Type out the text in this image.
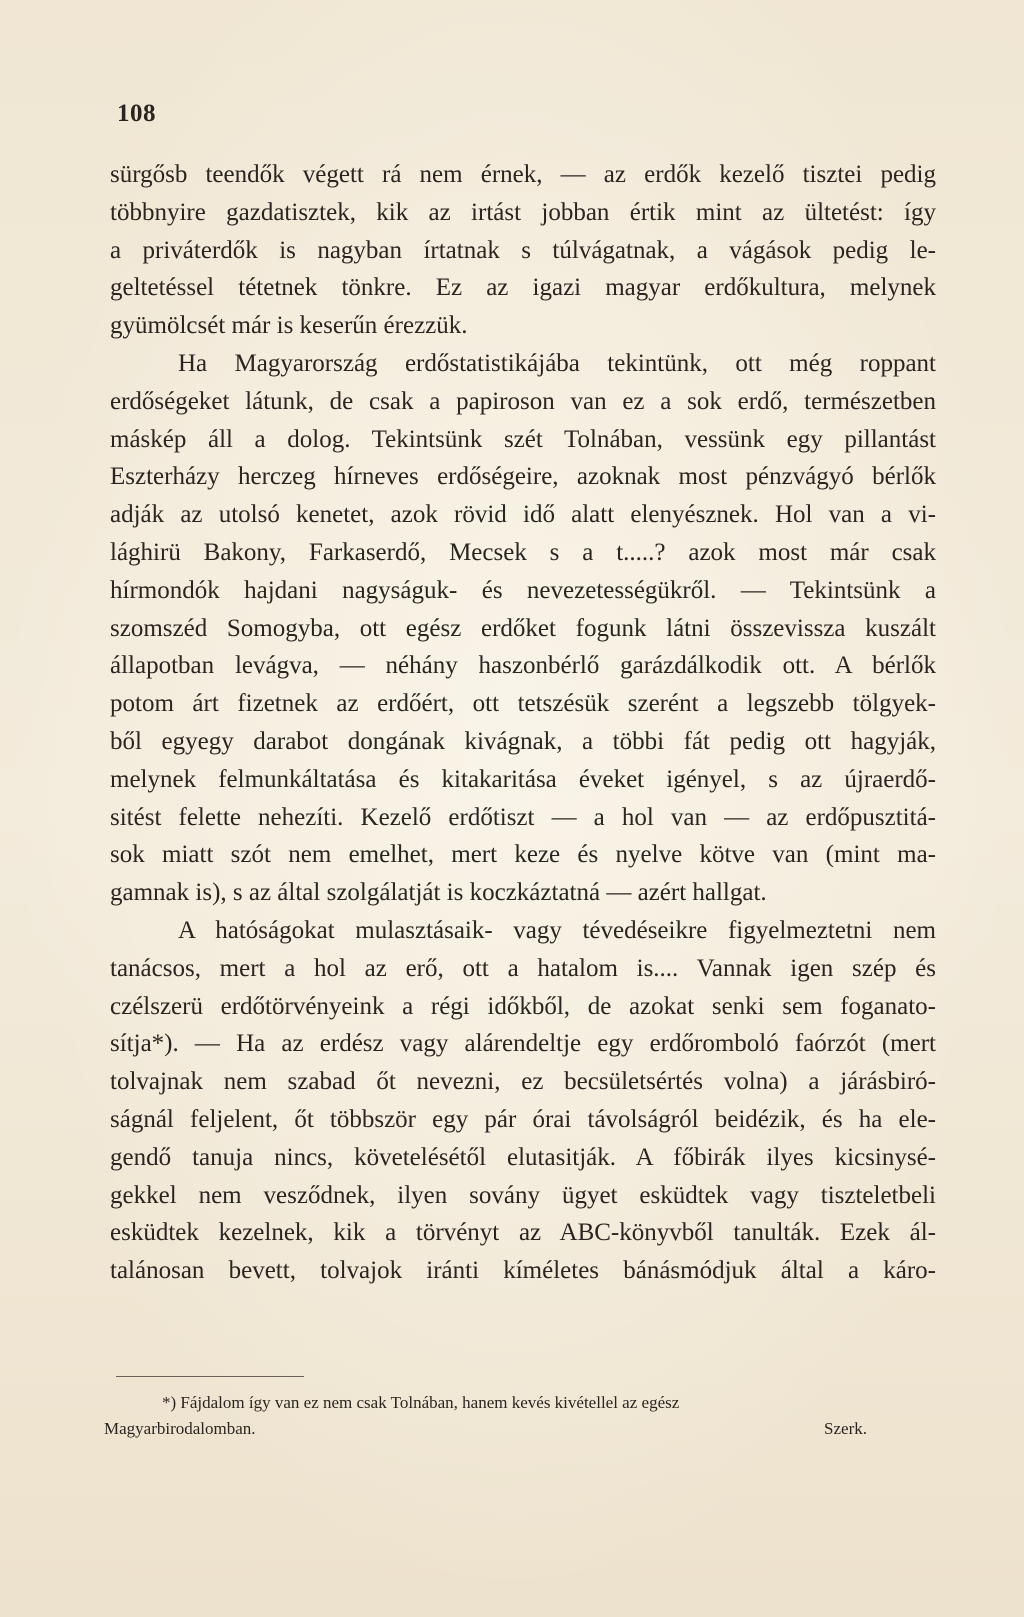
108
sürgősb teendők végett rá nem érnek, — az erdők kezelő tisztei pedig
többnyire gazdatisztek, kik az irtást jobban értik mint az ültetést: így
a priváterdők is nagyban írtatnak s túlvágatnak, a vágások pedig le-
geltetéssel tétetnek tönkre. Ez az igazi magyar erdőkultura, melynek
gyümölcsét már is keserűn érezzük.
Ha Magyarország erdőstatistikájába tekintünk, ott még roppant
erdőségeket látunk, de csak a papiroson van ez a sok erdő, természetben
máskép áll a dolog. Tekintsünk szét Tolnában, vessünk egy pillantást
Eszterházy herczeg hírneves erdőségeire, azoknak most pénzvágyó bérlők
adják az utolsó kenetet, azok rövid idő alatt elenyésznek. Hol van a vi-
lághirü Bakony, Farkaserdő, Mecsek s a t.....? azok most már csak
hírmondók hajdani nagyságuk- és nevezetességükről. — Tekintsünk a
szomszéd Somogyba, ott egész erdőket fogunk látni összevissza kuszált
állapotban levágva, — néhány haszonbérlő garázdálkodik ott. A bérlők
potom árt fizetnek az erdőért, ott tetszésük szerént a legszebb tölgyek-
ből egyegy darabot dongának kivágnak, a többi fát pedig ott hagyják,
melynek felmunkáltatása és kitakaritása éveket igényel, s az újraerdő-
sitést felette nehezíti. Kezelő erdőtiszt — a hol van — az erdőpusztitá-
sok miatt szót nem emelhet, mert keze és nyelve kötve van (mint ma-
gamnak is), s az által szolgálatját is koczkáztatná — azért hallgat.
A hatóságokat mulasztásaik- vagy tévedéseikre figyelmeztetni nem
tanácsos, mert a hol az erő, ott a hatalom is.... Vannak igen szép és
czélszerü erdőtörvényeink a régi időkből, de azokat senki sem foganato-
sítja*). — Ha az erdész vagy alárendeltje egy erdőromboló faórzót (mert
tolvajnak nem szabad őt nevezni, ez becsületsértés volna) a járásbiró-
ságnál feljelent, őt többször egy pár órai távolságról beidézik, és ha ele-
gendő tanuja nincs, követelésétől elutasitják. A főbirák ilyes kicsinysé-
gekkel nem vesződnek, ilyen sovány ügyet esküdtek vagy tiszteletbeli
esküdtek kezelnek, kik a törvényt az ABC-könyvből tanulták. Ezek ál-
talánosan bevett, tolvajok iránti kíméletes bánásmódjuk által a káro-
*) Fájdalom így van ez nem csak Tolnában, hanem kevés kivétellel az egész
Magyarbirodalomban.	Szerk.
